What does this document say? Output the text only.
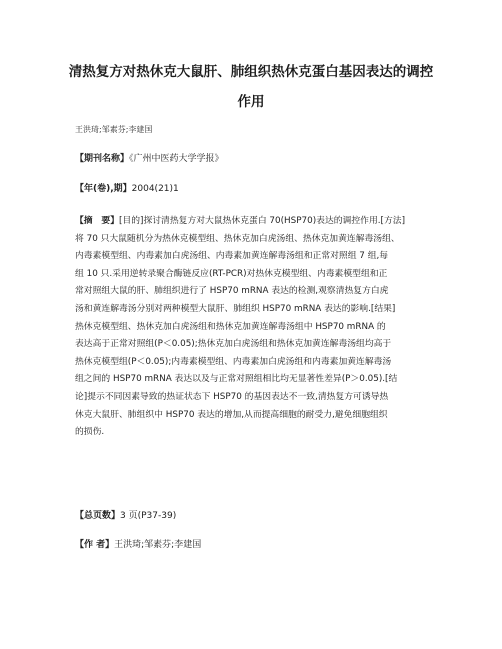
清热复方对热休克大鼠肝、肺组织热休克蛋白基因表达的调控
作用
王洪琦;邹素芬;李建国
【期刊名称】《广州中医药大学学报》
【年(卷),期】2004(21)1
【摘　要】[目的]探讨清热复方对大鼠热休克蛋白 70(HSP70)表达的调控作用.[方法]
将 70 只大鼠随机分为热休克模型组、热休克加白虎汤组、热休克加黄连解毒汤组、
内毒素模型组、内毒素加白虎汤组、内毒素加黄连解毒汤组和正常对照组 7 组,每
组 10 只.采用逆转录聚合酶链反应(RT-PCR)对热休克模型组、内毒素模型组和正
常对照组大鼠的肝、肺组织进行了 HSP70 mRNA 表达的检测,观察清热复方白虎
汤和黄连解毒汤分别对两种模型大鼠肝、肺组织 HSP70 mRNA 表达的影响.[结果]
热休克模型组、热休克加白虎汤组和热休克加黄连解毒汤组中 HSP70 mRNA 的
表达高于正常对照组(P＜0.05);热休克加白虎汤组和热休克加黄连解毒汤组均高于
热休克模型组(P＜0.05);内毒素模型组、内毒素加白虎汤组和内毒素加黄连解毒汤
组之间的 HSP70 mRNA 表达以及与正常对照组相比均无显著性差异(P＞0.05).[结
论]提示不同因素导致的热证状态下 HSP70 的基因表达不一致,清热复方可诱导热
休克大鼠肝、肺组织中 HSP70 表达的增加,从而提高细胞的耐受力,避免细胞组织
的损伤.
【总页数】3 页(P37-39)
【作 者】王洪琦;邹素芬;李建国
